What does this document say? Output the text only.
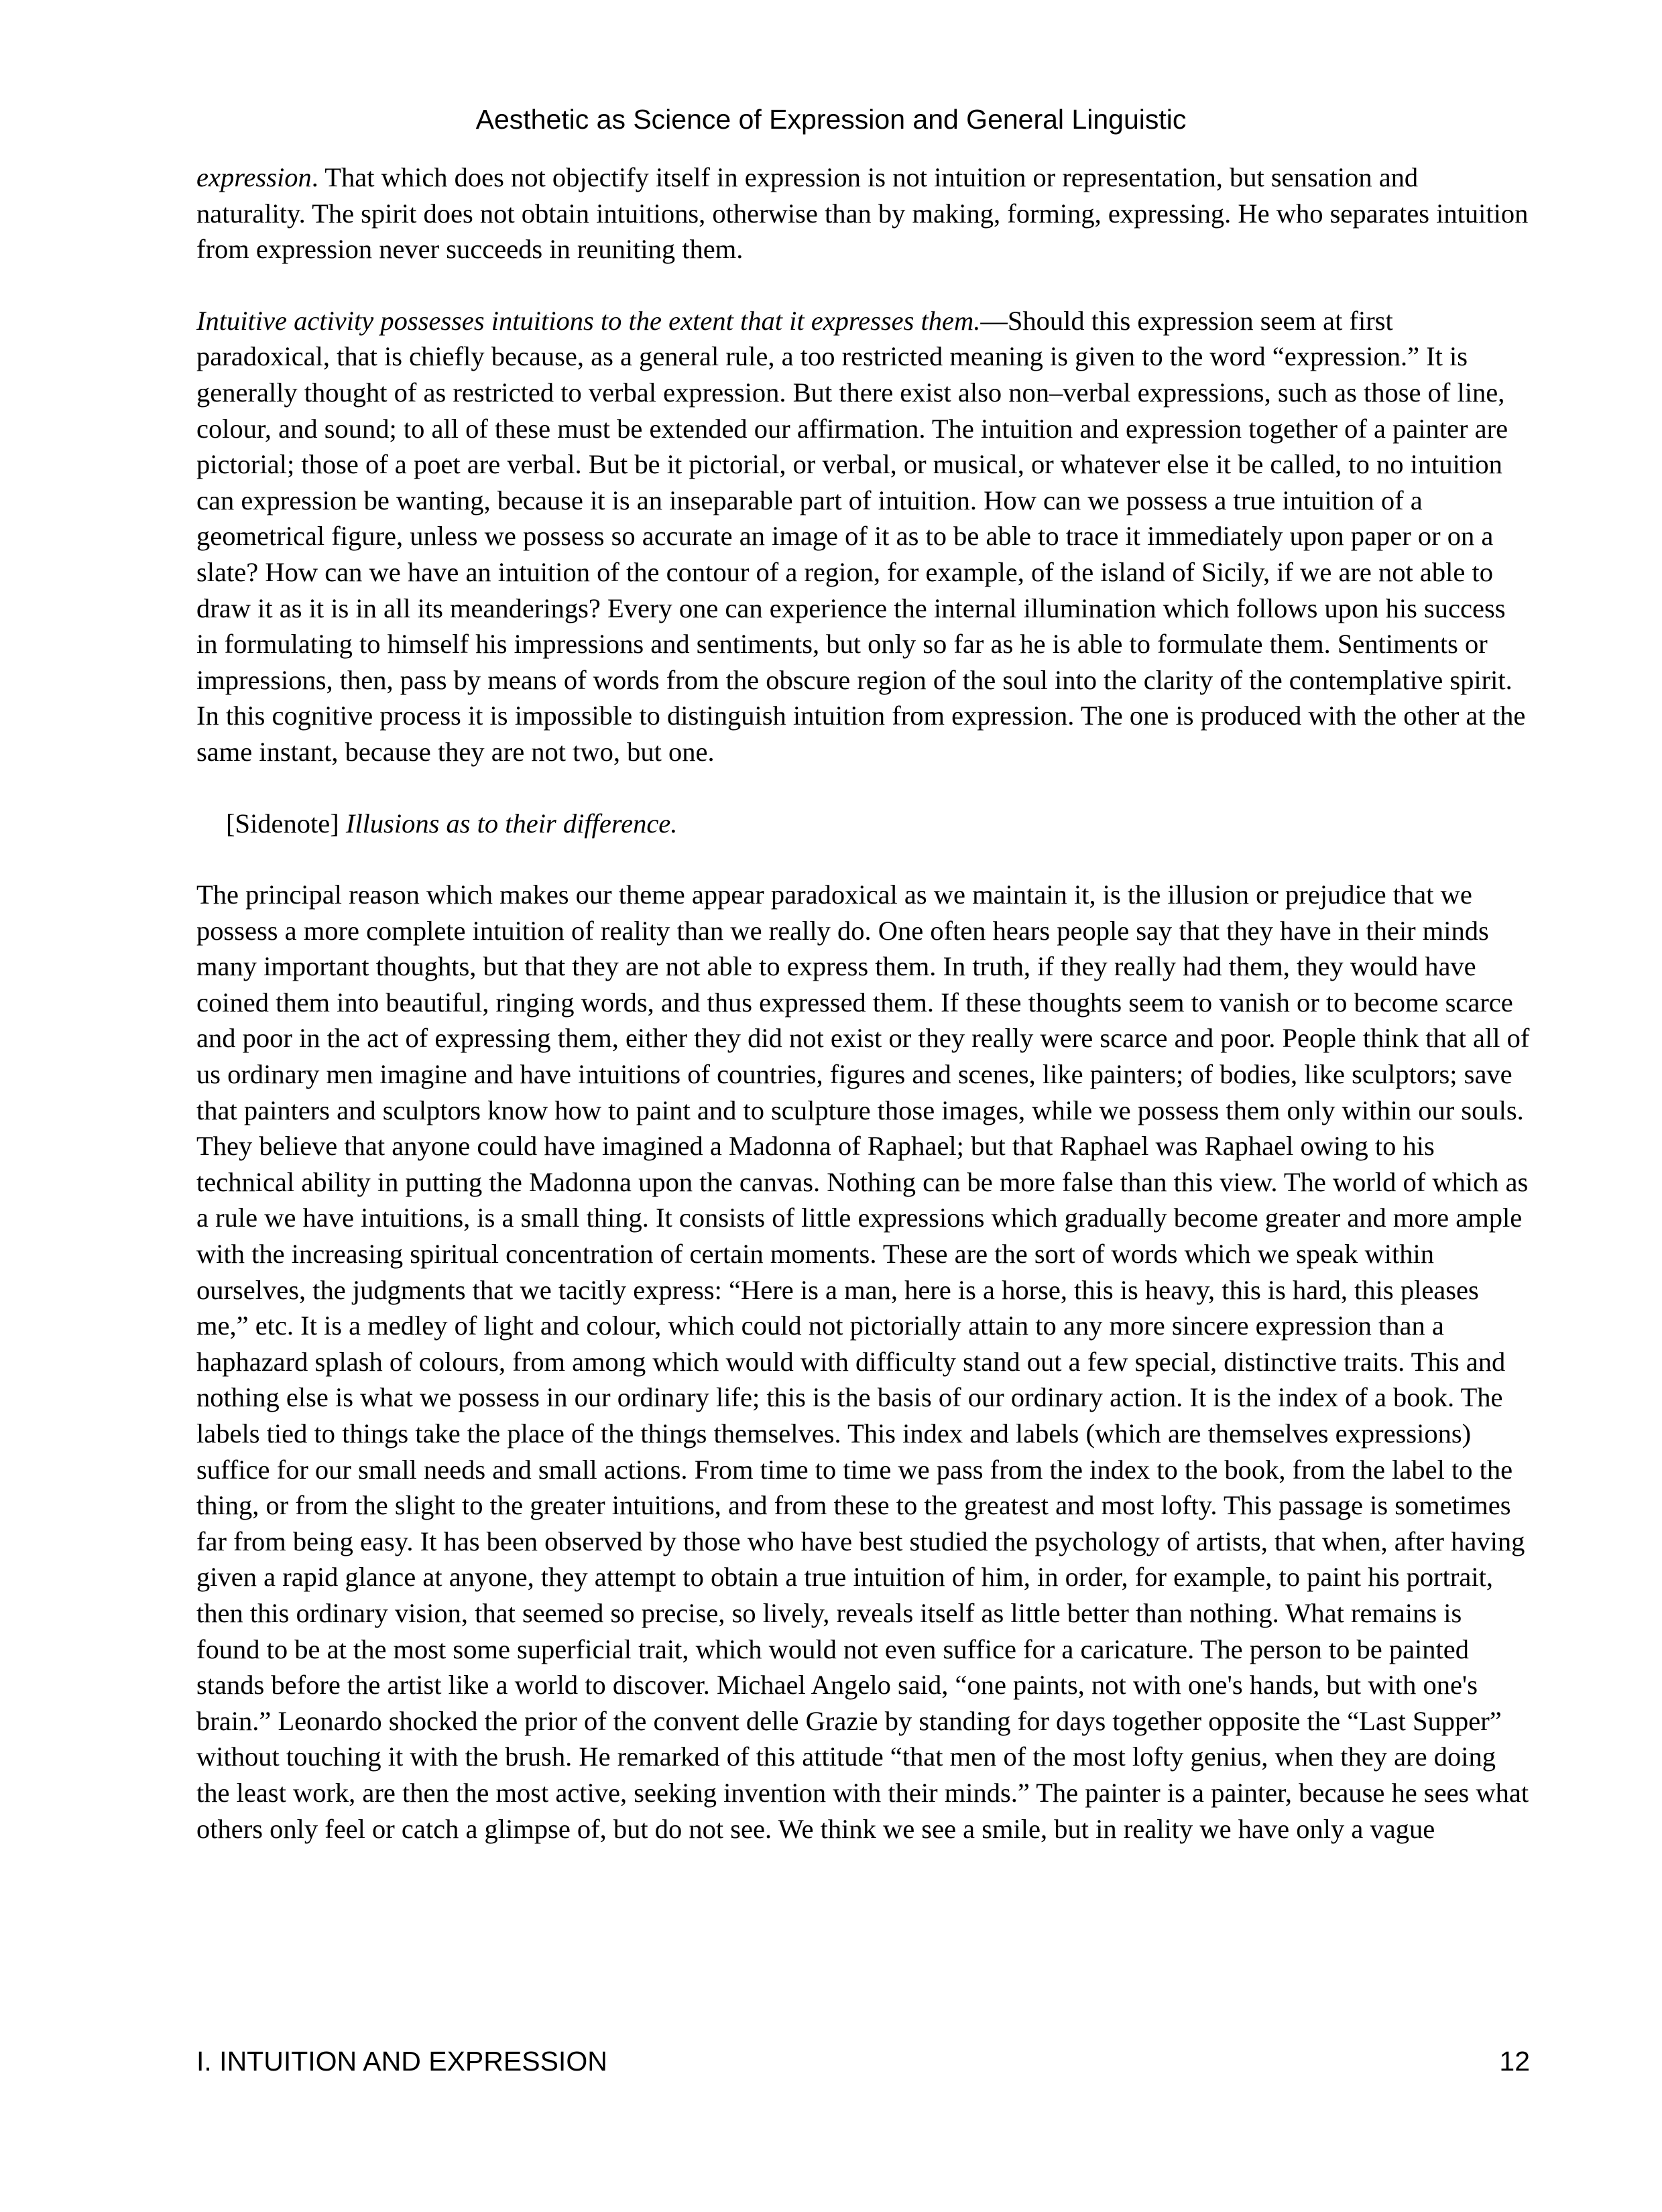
Aesthetic as Science of Expression and General Linguistic

expression. That which does not objectify itself in expression is not intuition or representation, but sensation and naturality. The spirit does not obtain intuitions, otherwise than by making, forming, expressing. He who separates intuition from expression never succeeds in reuniting them.

Intuitive activity possesses intuitions to the extent that it expresses them.—Should this expression seem at first paradoxical, that is chiefly because, as a general rule, a too restricted meaning is given to the word “expression.” It is generally thought of as restricted to verbal expression. But there exist also non–verbal expressions, such as those of line, colour, and sound; to all of these must be extended our affirmation. The intuition and expression together of a painter are pictorial; those of a poet are verbal. But be it pictorial, or verbal, or musical, or whatever else it be called, to no intuition can expression be wanting, because it is an inseparable part of intuition. How can we possess a true intuition of a geometrical figure, unless we possess so accurate an image of it as to be able to trace it immediately upon paper or on a slate? How can we have an intuition of the contour of a region, for example, of the island of Sicily, if we are not able to draw it as it is in all its meanderings? Every one can experience the internal illumination which follows upon his success in formulating to himself his impressions and sentiments, but only so far as he is able to formulate them. Sentiments or impressions, then, pass by means of words from the obscure region of the soul into the clarity of the contemplative spirit. In this cognitive process it is impossible to distinguish intuition from expression. The one is produced with the other at the same instant, because they are not two, but one.

[Sidenote] Illusions as to their difference.

The principal reason which makes our theme appear paradoxical as we maintain it, is the illusion or prejudice that we possess a more complete intuition of reality than we really do. One often hears people say that they have in their minds many important thoughts, but that they are not able to express them. In truth, if they really had them, they would have coined them into beautiful, ringing words, and thus expressed them. If these thoughts seem to vanish or to become scarce and poor in the act of expressing them, either they did not exist or they really were scarce and poor. People think that all of us ordinary men imagine and have intuitions of countries, figures and scenes, like painters; of bodies, like sculptors; save that painters and sculptors know how to paint and to sculpture those images, while we possess them only within our souls. They believe that anyone could have imagined a Madonna of Raphael; but that Raphael was Raphael owing to his technical ability in putting the Madonna upon the canvas. Nothing can be more false than this view. The world of which as a rule we have intuitions, is a small thing. It consists of little expressions which gradually become greater and more ample with the increasing spiritual concentration of certain moments. These are the sort of words which we speak within ourselves, the judgments that we tacitly express: “Here is a man, here is a horse, this is heavy, this is hard, this pleases me,” etc. It is a medley of light and colour, which could not pictorially attain to any more sincere expression than a haphazard splash of colours, from among which would with difficulty stand out a few special, distinctive traits. This and nothing else is what we possess in our ordinary life; this is the basis of our ordinary action. It is the index of a book. The labels tied to things take the place of the things themselves. This index and labels (which are themselves expressions) suffice for our small needs and small actions. From time to time we pass from the index to the book, from the label to the thing, or from the slight to the greater intuitions, and from these to the greatest and most lofty. This passage is sometimes far from being easy. It has been observed by those who have best studied the psychology of artists, that when, after having given a rapid glance at anyone, they attempt to obtain a true intuition of him, in order, for example, to paint his portrait, then this ordinary vision, that seemed so precise, so lively, reveals itself as little better than nothing. What remains is found to be at the most some superficial trait, which would not even suffice for a caricature. The person to be painted stands before the artist like a world to discover. Michael Angelo said, “one paints, not with one's hands, but with one's brain.” Leonardo shocked the prior of the convent delle Grazie by standing for days together opposite the “Last Supper” without touching it with the brush. He remarked of this attitude “that men of the most lofty genius, when they are doing the least work, are then the most active, seeking invention with their minds.” The painter is a painter, because he sees what others only feel or catch a glimpse of, but do not see. We think we see a smile, but in reality we have only a vague

I. INTUITION AND EXPRESSION	12
